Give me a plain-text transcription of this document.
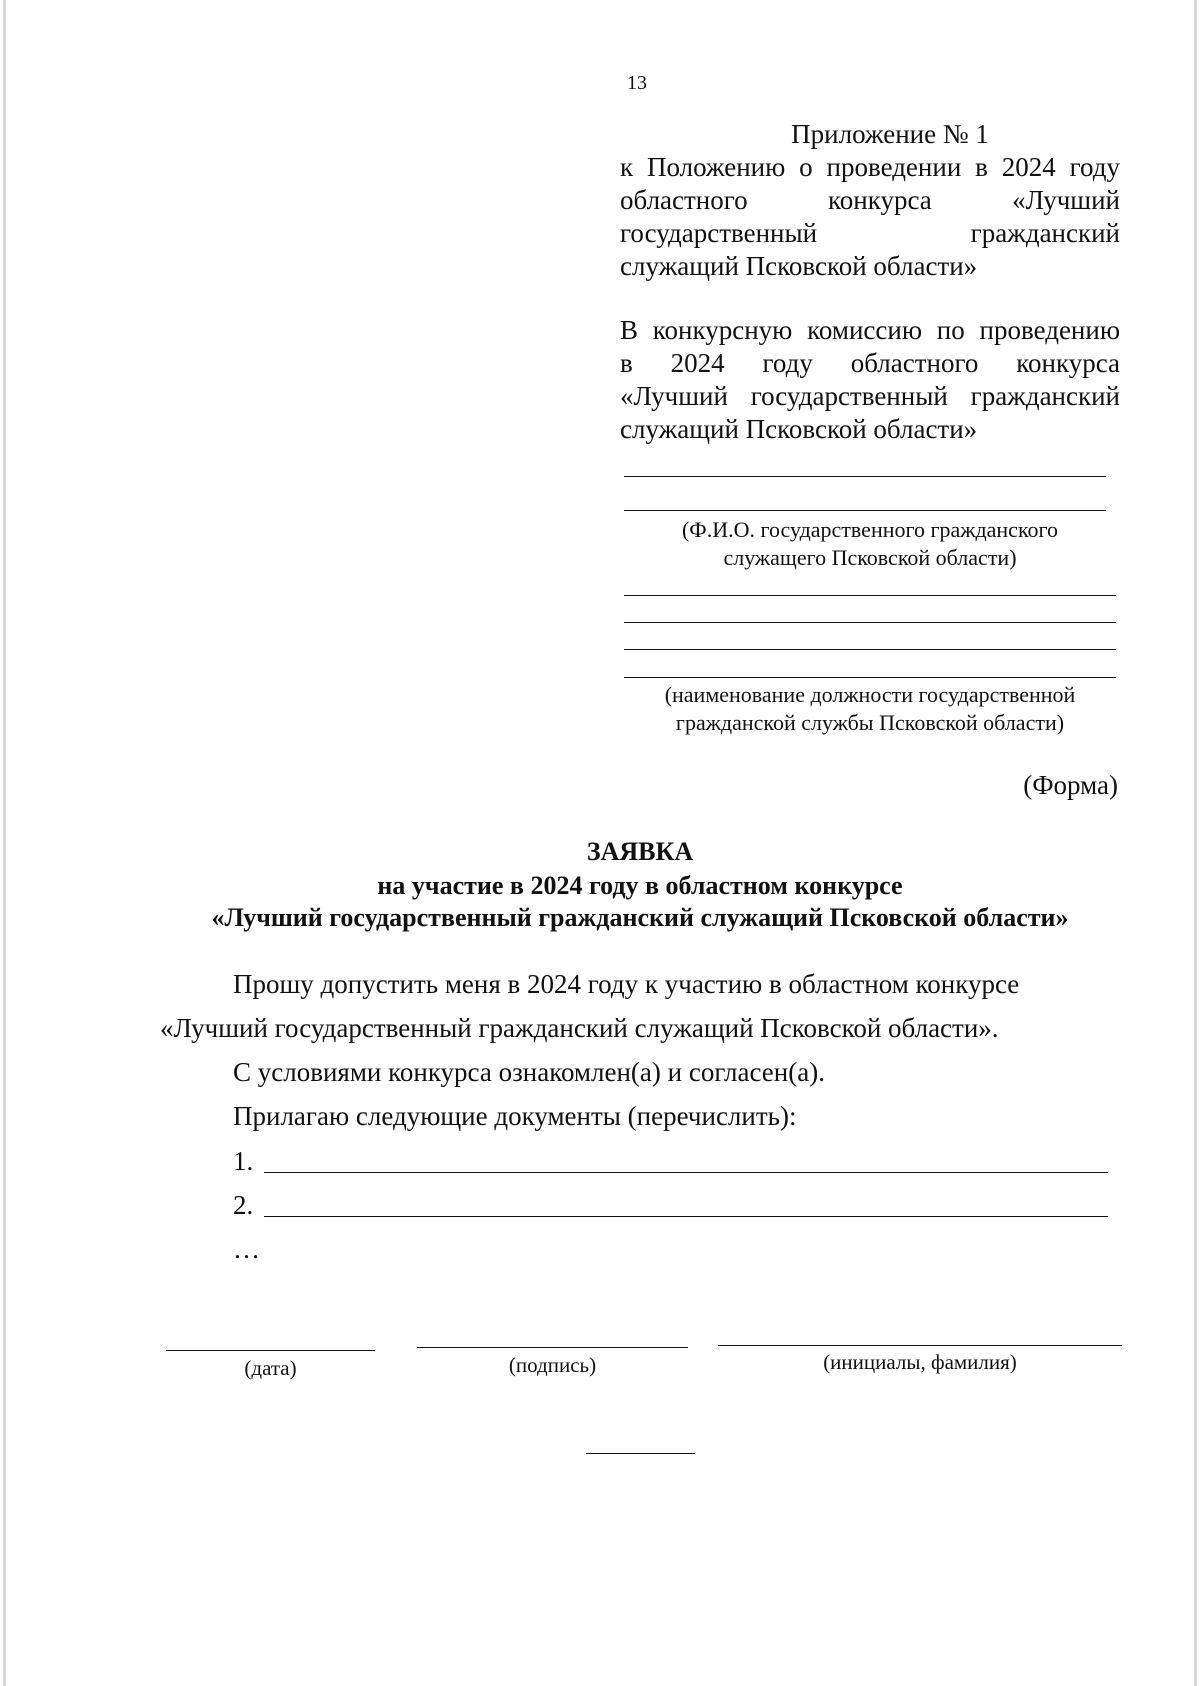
13
Приложение № 1
к Положению о проведении в 2024 году
областного конкурса «Лучший
государственный гражданский
служащий Псковской области»
В конкурсную комиссию по проведению
в 2024 году областного конкурса
«Лучший государственный гражданский
служащий Псковской области»
(Ф.И.О. государственного гражданского
служащего Псковской области)
(наименование должности государственной
гражданской службы Псковской области)
(Форма)
ЗАЯВКА
на участие в 2024 году в областном конкурсе
«Лучший государственный гражданский служащий Псковской области»
Прошу допустить меня в 2024 году к участию в областном конкурсе
«Лучший государственный гражданский служащий Псковской области».
С условиями конкурса ознакомлен(а) и согласен(а).
Прилагаю следующие документы (перечислить):
1.
2.
…
(дата)	(подпись)	(инициалы, фамилия)
